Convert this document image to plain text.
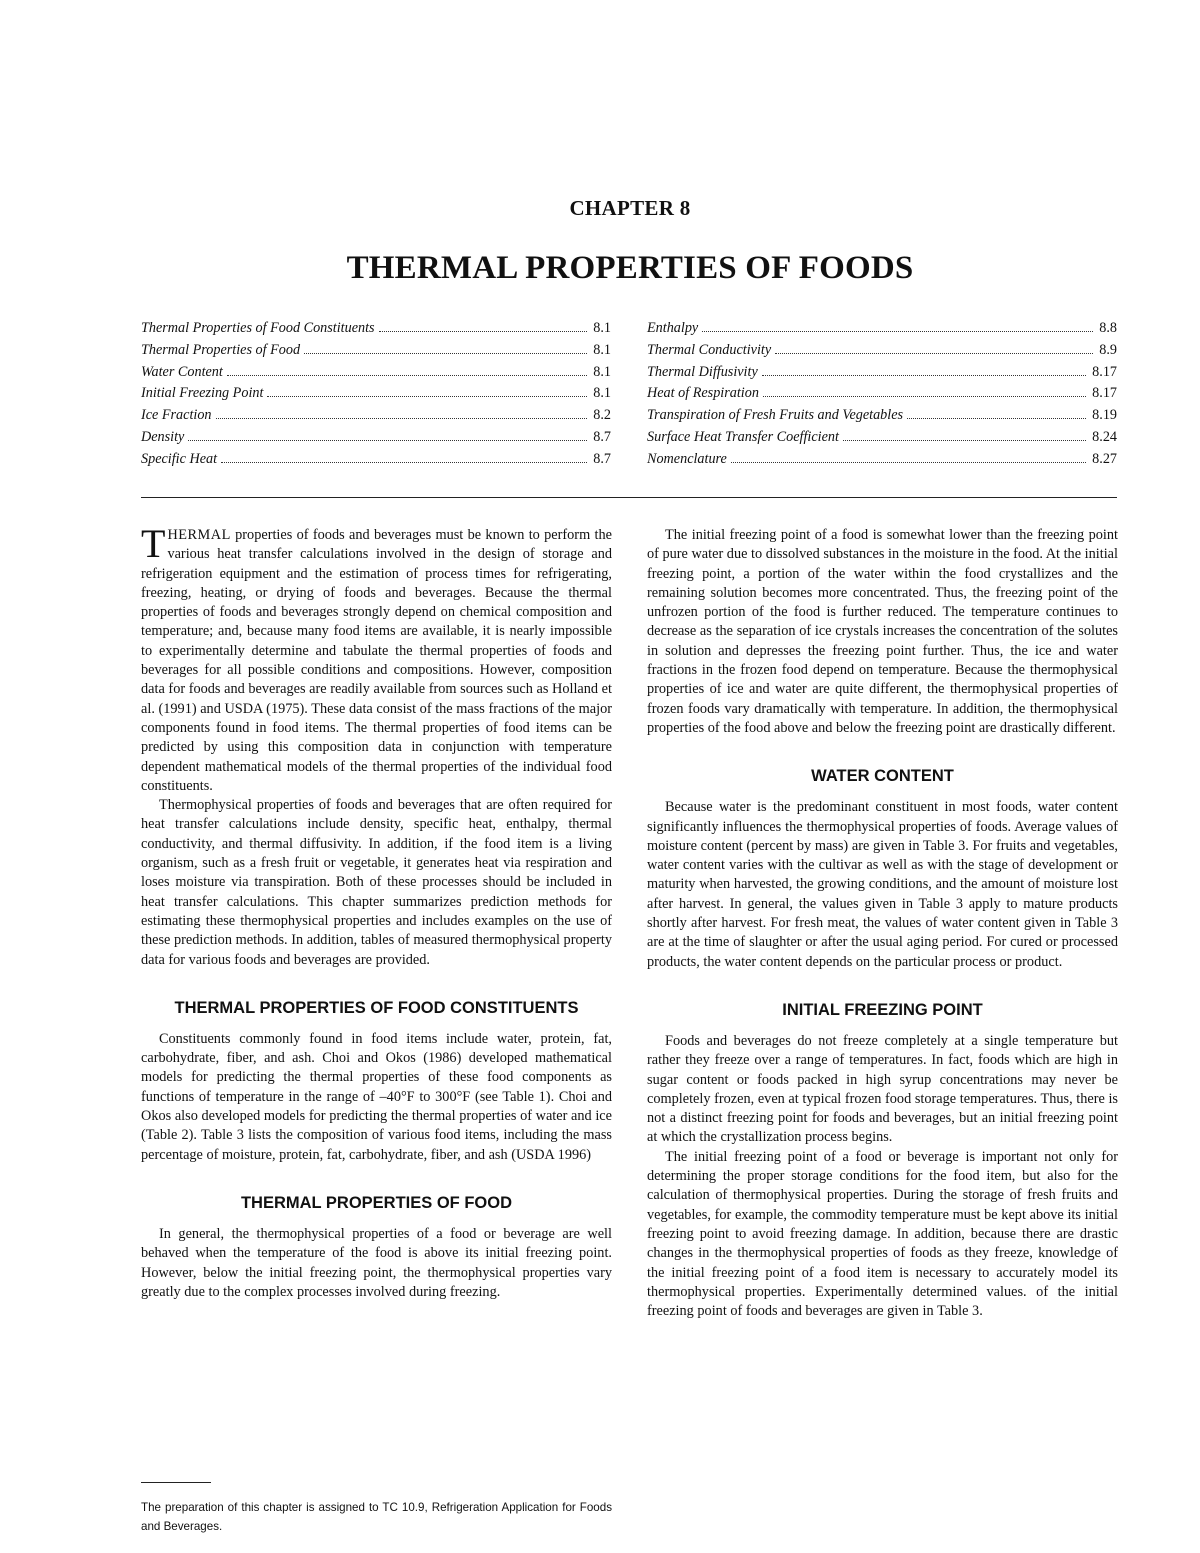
CHAPTER 8
THERMAL PROPERTIES OF FOODS
Thermal Properties of Food Constituents	8.1
Thermal Properties of Food	8.1
Water Content	8.1
Initial Freezing Point	8.1
Ice Fraction	8.2
Density	8.7
Specific Heat	8.7
Enthalpy	8.8
Thermal Conductivity	8.9
Thermal Diffusivity	8.17
Heat of Respiration	8.17
Transpiration of Fresh Fruits and Vegetables	8.19
Surface Heat Transfer Coefficient	8.24
Nomenclature	8.27

THERMAL properties of foods and beverages must be known to perform the various heat transfer calculations involved in the design of storage and refrigeration equipment and the estimation of process times for refrigerating, freezing, heating, or drying of foods and beverages. Because the thermal properties of foods and beverages strongly depend on chemical composition and temperature; and, because many food items are available, it is nearly impossible to experimentally determine and tabulate the thermal properties of foods and beverages for all possible conditions and compositions. However, composition data for foods and beverages are readily available from sources such as Holland et al. (1991) and USDA (1975). These data consist of the mass fractions of the major components found in food items. The thermal properties of food items can be predicted by using this composition data in conjunction with temperature dependent mathematical models of the thermal properties of the individual food constituents.

Thermophysical properties of foods and beverages that are often required for heat transfer calculations include density, specific heat, enthalpy, thermal conductivity, and thermal diffusivity. In addition, if the food item is a living organism, such as a fresh fruit or vegetable, it generates heat via respiration and loses moisture via transpiration. Both of these processes should be included in heat transfer calculations. This chapter summarizes prediction methods for estimating these thermophysical properties and includes examples on the use of these prediction methods. In addition, tables of measured thermophysical property data for various foods and beverages are provided.

THERMAL PROPERTIES OF FOOD CONSTITUENTS

Constituents commonly found in food items include water, protein, fat, carbohydrate, fiber, and ash. Choi and Okos (1986) developed mathematical models for predicting the thermal properties of these food components as functions of temperature in the range of –40°F to 300°F (see Table 1). Choi and Okos also developed models for predicting the thermal properties of water and ice (Table 2). Table 3 lists the composition of various food items, including the mass percentage of moisture, protein, fat, carbohydrate, fiber, and ash (USDA 1996)

THERMAL PROPERTIES OF FOOD

In general, the thermophysical properties of a food or beverage are well behaved when the temperature of the food is above its initial freezing point. However, below the initial freezing point, the thermophysical properties vary greatly due to the complex processes involved during freezing.

The preparation of this chapter is assigned to TC 10.9, Refrigeration Application for Foods and Beverages.

The initial freezing point of a food is somewhat lower than the freezing point of pure water due to dissolved substances in the moisture in the food. At the initial freezing point, a portion of the water within the food crystallizes and the remaining solution becomes more concentrated. Thus, the freezing point of the unfrozen portion of the food is further reduced. The temperature continues to decrease as the separation of ice crystals increases the concentration of the solutes in solution and depresses the freezing point further. Thus, the ice and water fractions in the frozen food depend on temperature. Because the thermophysical properties of ice and water are quite different, the thermophysical properties of frozen foods vary dramatically with temperature. In addition, the thermophysical properties of the food above and below the freezing point are drastically different.

WATER CONTENT

Because water is the predominant constituent in most foods, water content significantly influences the thermophysical properties of foods. Average values of moisture content (percent by mass) are given in Table 3. For fruits and vegetables, water content varies with the cultivar as well as with the stage of development or maturity when harvested, the growing conditions, and the amount of moisture lost after harvest. In general, the values given in Table 3 apply to mature products shortly after harvest. For fresh meat, the values of water content given in Table 3 are at the time of slaughter or after the usual aging period. For cured or processed products, the water content depends on the particular process or product.

INITIAL FREEZING POINT

Foods and beverages do not freeze completely at a single temperature but rather they freeze over a range of temperatures. In fact, foods which are high in sugar content or foods packed in high syrup concentrations may never be completely frozen, even at typical frozen food storage temperatures. Thus, there is not a distinct freezing point for foods and beverages, but an initial freezing point at which the crystallization process begins.

The initial freezing point of a food or beverage is important not only for determining the proper storage conditions for the food item, but also for the calculation of thermophysical properties. During the storage of fresh fruits and vegetables, for example, the commodity temperature must be kept above its initial freezing point to avoid freezing damage. In addition, because there are drastic changes in the thermophysical properties of foods as they freeze, knowledge of the initial freezing point of a food item is necessary to accurately model its thermophysical properties. Experimentally determined values. of the initial freezing point of foods and beverages are given in Table 3.
